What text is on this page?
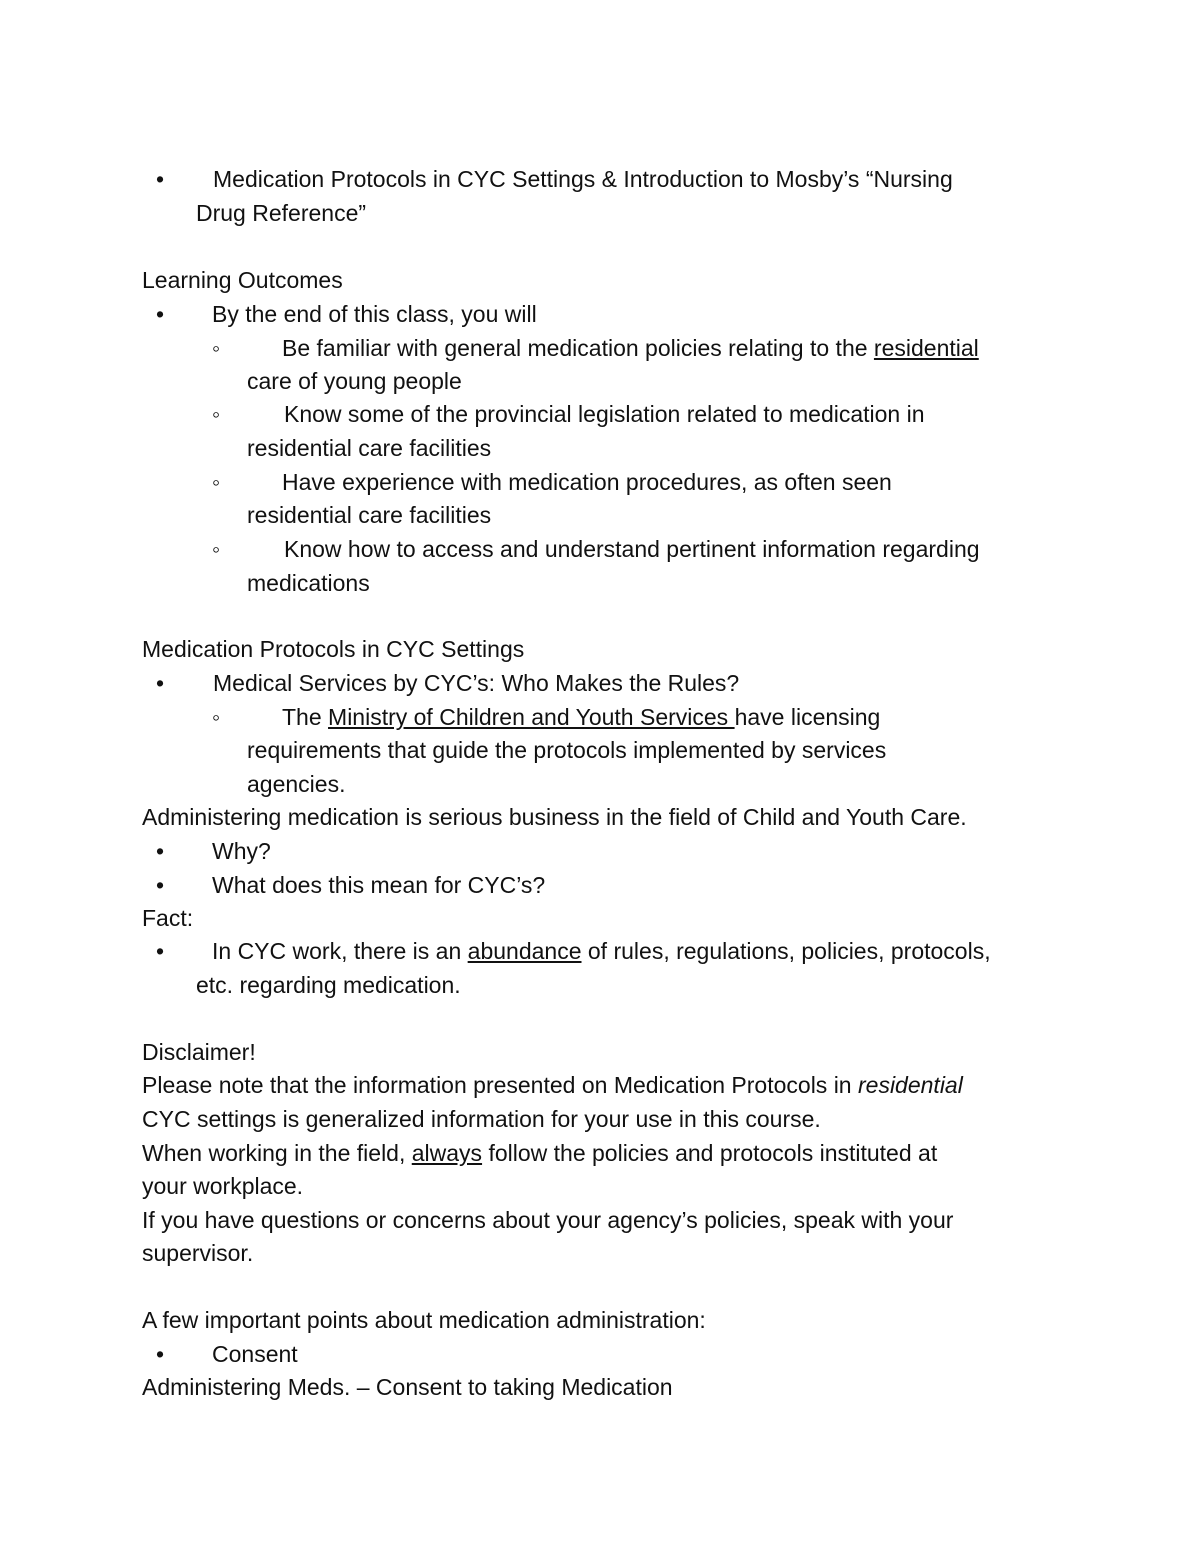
• Medication Protocols in CYC Settings & Introduction to Mosby’s “Nursing
Drug Reference”
Learning Outcomes
• By the end of this class, you will
◦	Be familiar with general medication policies relating to the residential
care of young people
◦	Know some of the provincial legislation related to medication in
residential care facilities
◦	Have experience with medication procedures, as often seen
residential care facilities
◦	Know how to access and understand pertinent information regarding
medications
Medication Protocols in CYC Settings
• Medical Services by CYC’s: Who Makes the Rules?
◦	The Ministry of Children and Youth Services have licensing
requirements that guide the protocols implemented by services
agencies.
Administering medication is serious business in the field of Child and Youth Care.
• Why?
• What does this mean for CYC’s?
Fact:
• In CYC work, there is an abundance of rules, regulations, policies, protocols,
etc. regarding medication.
Disclaimer!
Please note that the information presented on Medication Protocols in residential
CYC settings is generalized information for your use in this course.
When working in the field, always follow the policies and protocols instituted at
your workplace.
If you have questions or concerns about your agency’s policies, speak with your
supervisor.
A few important points about medication administration:
• Consent
Administering Meds. – Consent to taking Medication
